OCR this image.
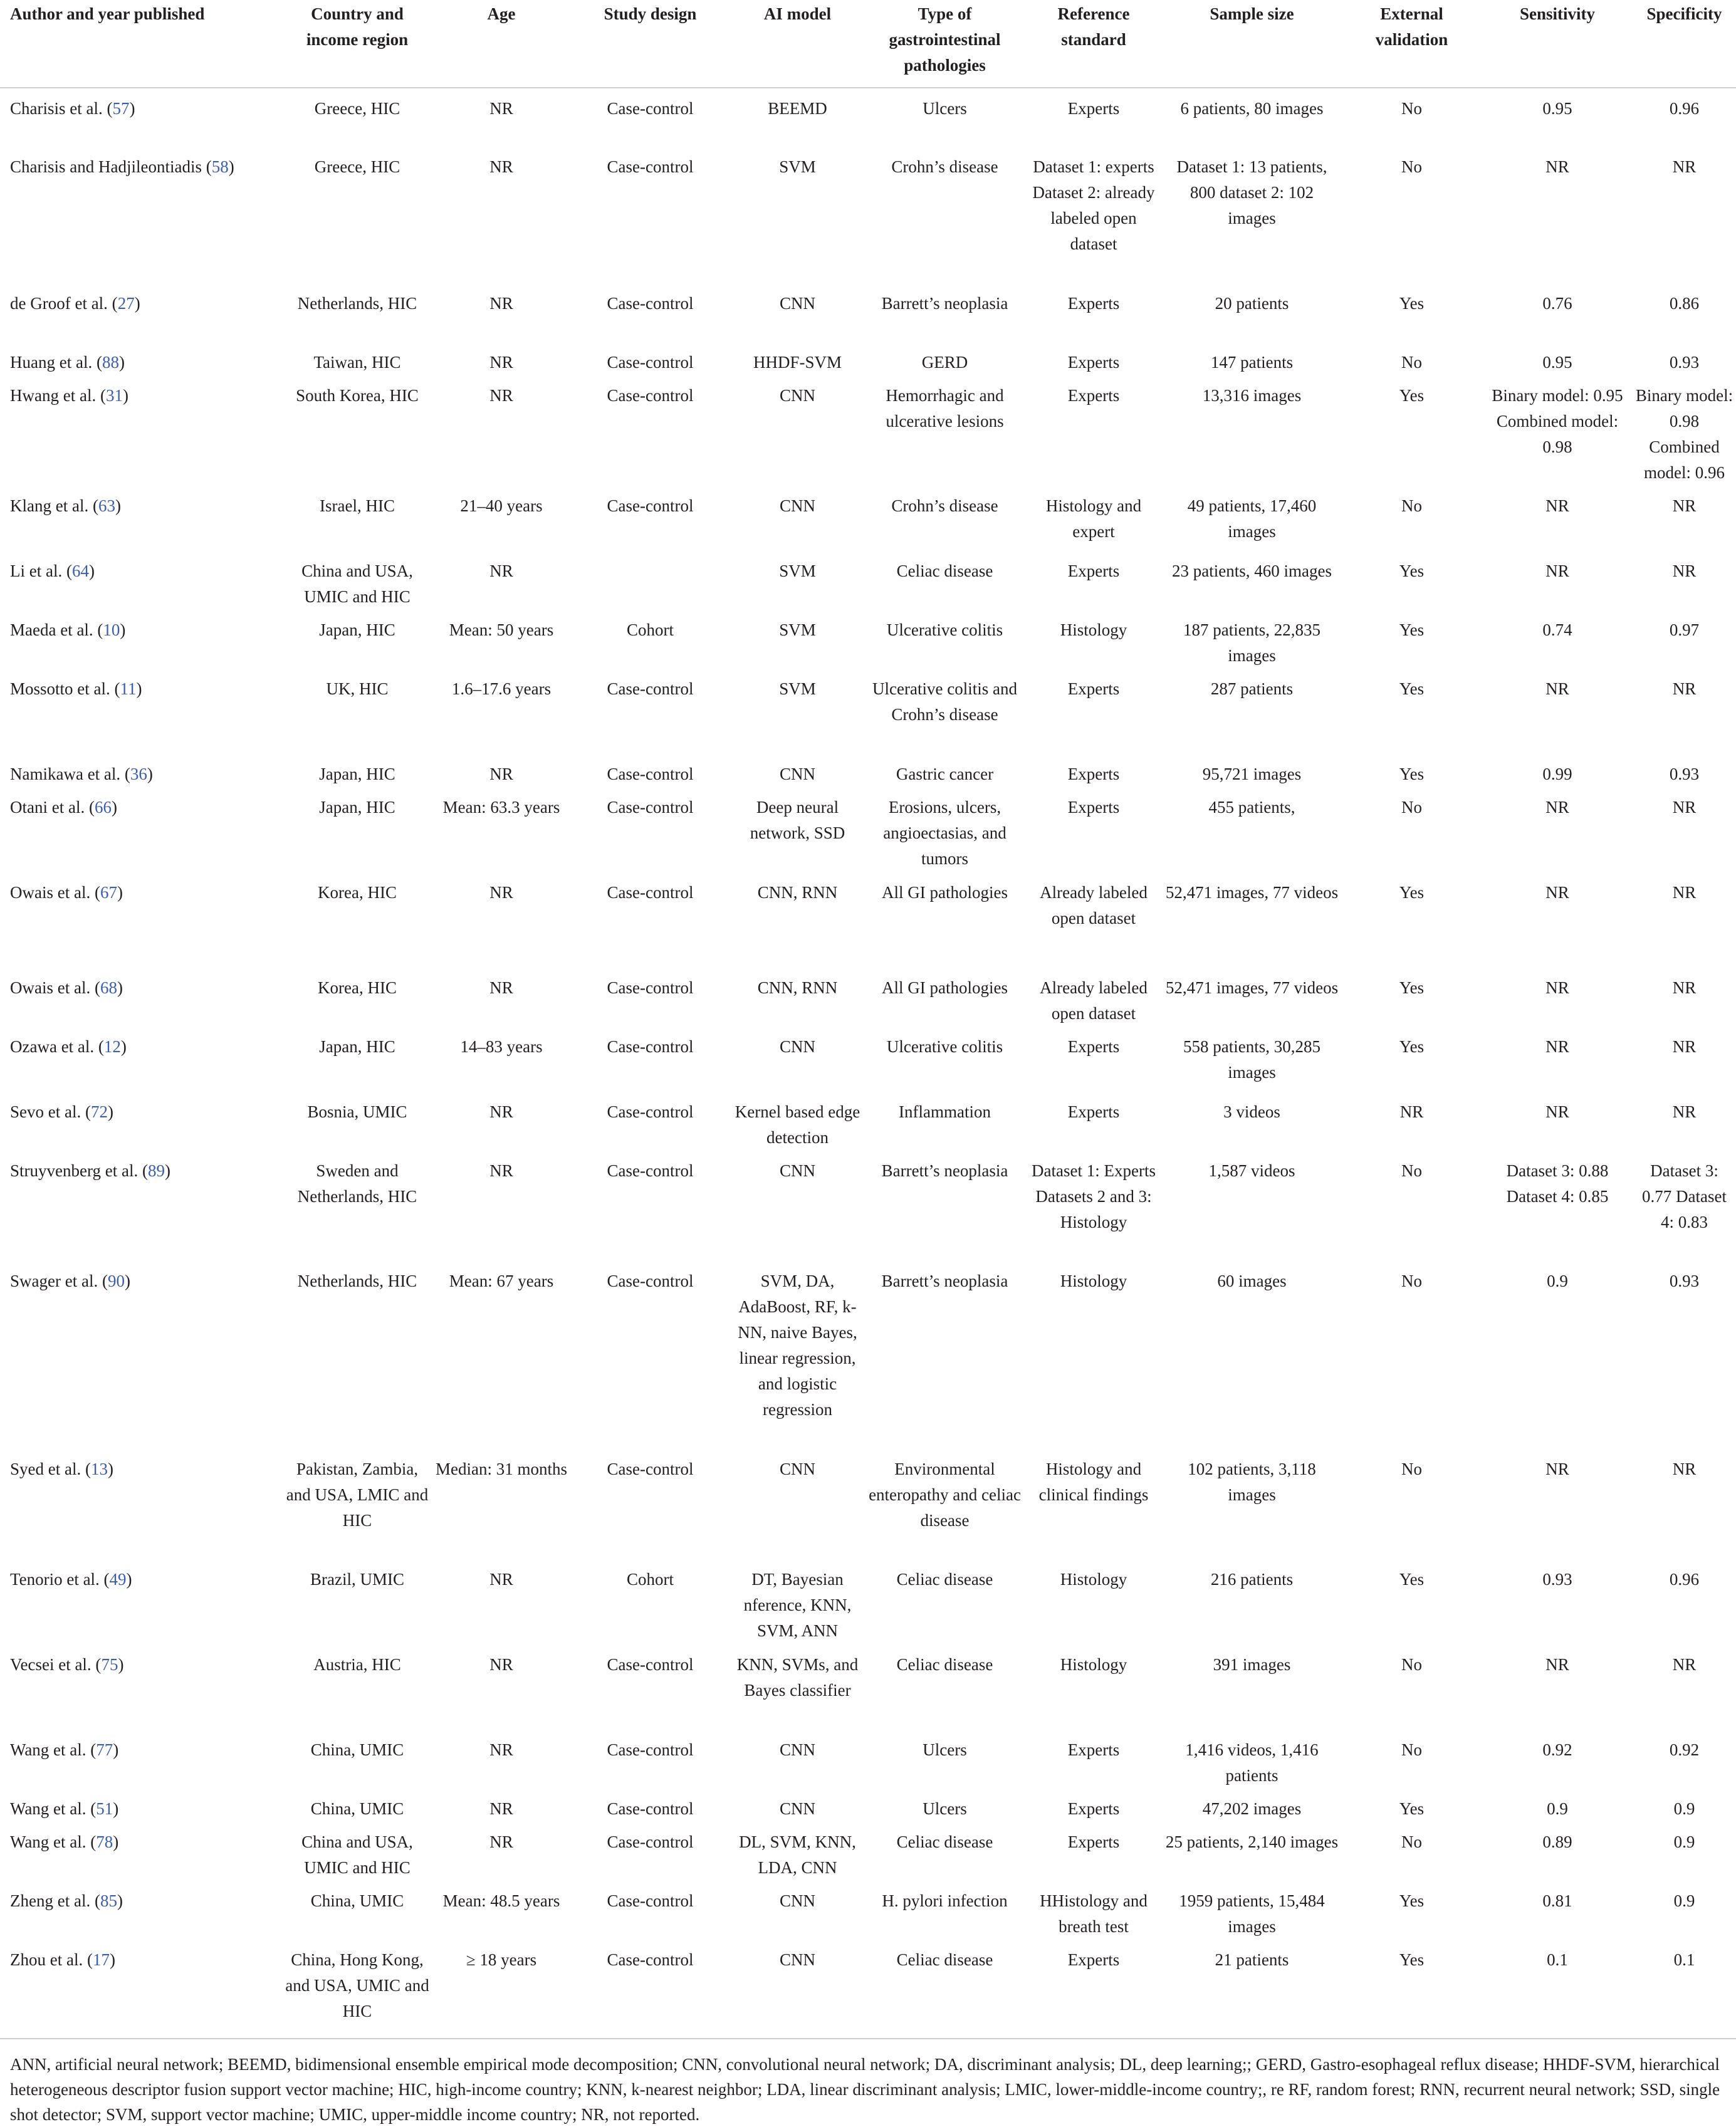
Author and year published	Country and income region	Age	Study design	AI model	Type of gastrointestinal pathologies	Reference standard	Sample size	External validation	Sensitivity	Specificity
Charisis et al. (57)	Greece, HIC	NR	Case-control	BEEMD	Ulcers	Experts	6 patients, 80 images	No	0.95	0.96
Charisis and Hadjileontiadis (58)	Greece, HIC	NR	Case-control	SVM	Crohn’s disease	Dataset 1: experts Dataset 2: already labeled open dataset	Dataset 1: 13 patients, 800 dataset 2: 102 images	No	NR	NR
de Groof et al. (27)	Netherlands, HIC	NR	Case-control	CNN	Barrett’s neoplasia	Experts	20 patients	Yes	0.76	0.86
Huang et al. (88)	Taiwan, HIC	NR	Case-control	HHDF-SVM	GERD	Experts	147 patients	No	0.95	0.93
Hwang et al. (31)	South Korea, HIC	NR	Case-control	CNN	Hemorrhagic and ulcerative lesions	Experts	13,316 images	Yes	Binary model: 0.95 Combined model: 0.98	Binary model: 0.98 Combined model: 0.96
Klang et al. (63)	Israel, HIC	21–40 years	Case-control	CNN	Crohn’s disease	Histology and expert	49 patients, 17,460 images	No	NR	NR
Li et al. (64)	China and USA, UMIC and HIC	NR		SVM	Celiac disease	Experts	23 patients, 460 images	Yes	NR	NR
Maeda et al. (10)	Japan, HIC	Mean: 50 years	Cohort	SVM	Ulcerative colitis	Histology	187 patients, 22,835 images	Yes	0.74	0.97
Mossotto et al. (11)	UK, HIC	1.6–17.6 years	Case-control	SVM	Ulcerative colitis and Crohn’s disease	Experts	287 patients	Yes	NR	NR
Namikawa et al. (36)	Japan, HIC	NR	Case-control	CNN	Gastric cancer	Experts	95,721 images	Yes	0.99	0.93
Otani et al. (66)	Japan, HIC	Mean: 63.3 years	Case-control	Deep neural network, SSD	Erosions, ulcers, angioectasias, and tumors	Experts	455 patients,	No	NR	NR
Owais et al. (67)	Korea, HIC	NR	Case-control	CNN, RNN	All GI pathologies	Already labeled open dataset	52,471 images, 77 videos	Yes	NR	NR
Owais et al. (68)	Korea, HIC	NR	Case-control	CNN, RNN	All GI pathologies	Already labeled open dataset	52,471 images, 77 videos	Yes	NR	NR
Ozawa et al. (12)	Japan, HIC	14–83 years	Case-control	CNN	Ulcerative colitis	Experts	558 patients, 30,285 images	Yes	NR	NR
Sevo et al. (72)	Bosnia, UMIC	NR	Case-control	Kernel based edge detection	Inflammation	Experts	3 videos	NR	NR	NR
Struyvenberg et al. (89)	Sweden and Netherlands, HIC	NR	Case-control	CNN	Barrett’s neoplasia	Dataset 1: Experts Datasets 2 and 3: Histology	1,587 videos	No	Dataset 3: 0.88 Dataset 4: 0.85	Dataset 3: 0.77 Dataset 4: 0.83
Swager et al. (90)	Netherlands, HIC	Mean: 67 years	Case-control	SVM, DA, AdaBoost, RF, k-NN, naive Bayes, linear regression, and logistic regression	Barrett’s neoplasia	Histology	60 images	No	0.9	0.93
Syed et al. (13)	Pakistan, Zambia, and USA, LMIC and HIC	Median: 31 months	Case-control	CNN	Environmental enteropathy and celiac disease	Histology and clinical findings	102 patients, 3,118 images	No	NR	NR
Tenorio et al. (49)	Brazil, UMIC	NR	Cohort	DT, Bayesian nference, KNN, SVM, ANN	Celiac disease	Histology	216 patients	Yes	0.93	0.96
Vecsei et al. (75)	Austria, HIC	NR	Case-control	KNN, SVMs, and Bayes classifier	Celiac disease	Histology	391 images	No	NR	NR
Wang et al. (77)	China, UMIC	NR	Case-control	CNN	Ulcers	Experts	1,416 videos, 1,416 patients	No	0.92	0.92
Wang et al. (51)	China, UMIC	NR	Case-control	CNN	Ulcers	Experts	47,202 images	Yes	0.9	0.9
Wang et al. (78)	China and USA, UMIC and HIC	NR	Case-control	DL, SVM, KNN, LDA, CNN	Celiac disease	Experts	25 patients, 2,140 images	No	0.89	0.9
Zheng et al. (85)	China, UMIC	Mean: 48.5 years	Case-control	CNN	H. pylori infection	HHistology and breath test	1959 patients, 15,484 images	Yes	0.81	0.9
Zhou et al. (17)	China, Hong Kong, and USA, UMIC and HIC	≥ 18 years	Case-control	CNN	Celiac disease	Experts	21 patients	Yes	0.1	0.1
ANN, artificial neural network; BEEMD, bidimensional ensemble empirical mode decomposition; CNN, convolutional neural network; DA, discriminant analysis; DL, deep learning;; GERD, Gastro-esophageal reflux disease; HHDF-SVM, hierarchical heterogeneous descriptor fusion support vector machine; HIC, high-income country; KNN, k-nearest neighbor; LDA, linear discriminant analysis; LMIC, lower-middle-income country;, re RF, random forest; RNN, recurrent neural network; SSD, single shot detector; SVM, support vector machine; UMIC, upper-middle income country; NR, not reported.
